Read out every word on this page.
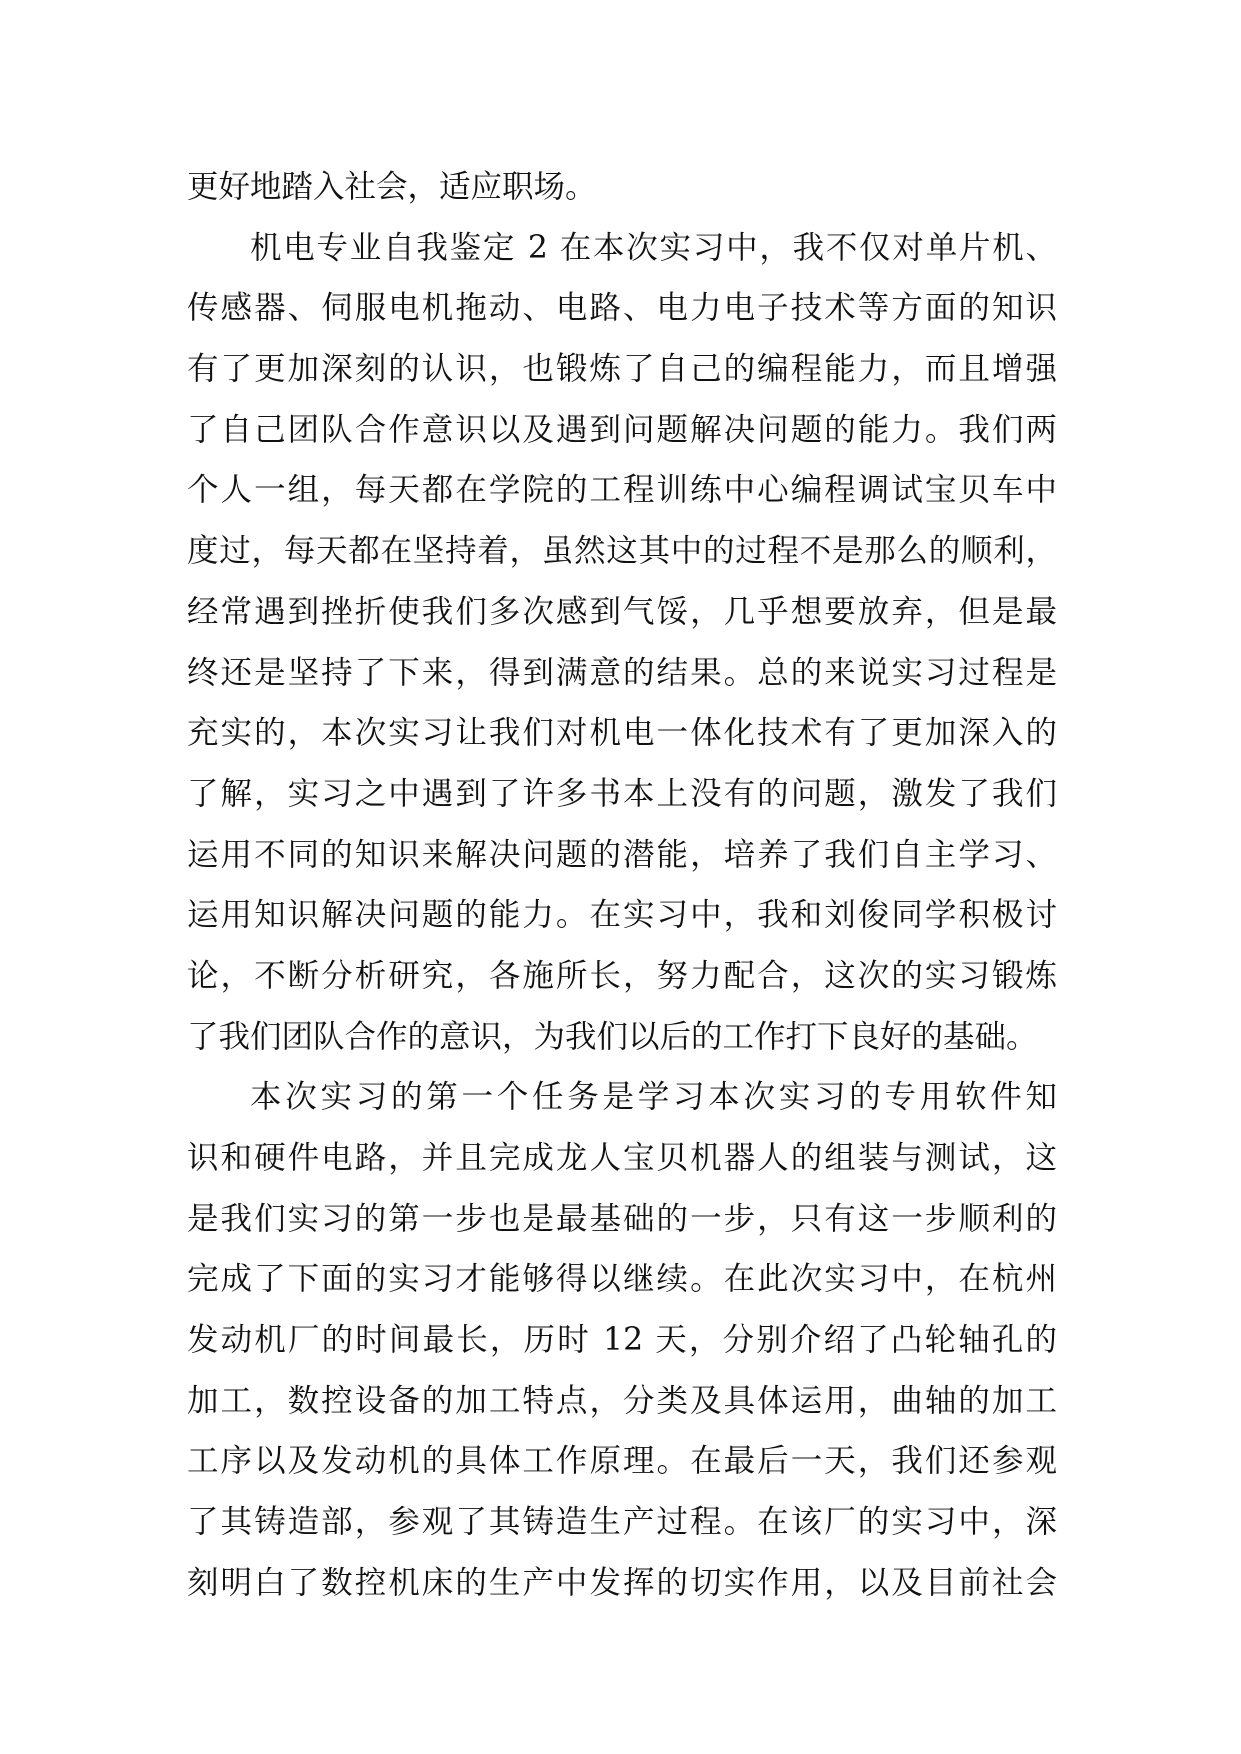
更好地踏入社会，适应职场。
机电专业自我鉴定 2 在本次实习中，我不仅对单片机、
传感器、伺服电机拖动、电路、电力电子技术等方面的知识
有了更加深刻的认识，也锻炼了自己的编程能力，而且增强
了自己团队合作意识以及遇到问题解决问题的能力。我们两
个人一组，每天都在学院的工程训练中心编程调试宝贝车中
度过，每天都在坚持着，虽然这其中的过程不是那么的顺利，
经常遇到挫折使我们多次感到气馁，几乎想要放弃，但是最
终还是坚持了下来，得到满意的结果。总的来说实习过程是
充实的，本次实习让我们对机电一体化技术有了更加深入的
了解，实习之中遇到了许多书本上没有的问题，激发了我们
运用不同的知识来解决问题的潜能，培养了我们自主学习、
运用知识解决问题的能力。在实习中，我和刘俊同学积极讨
论，不断分析研究，各施所长，努力配合，这次的实习锻炼
了我们团队合作的意识，为我们以后的工作打下良好的基础。
本次实习的第一个任务是学习本次实习的专用软件知
识和硬件电路，并且完成龙人宝贝机器人的组装与测试，这
是我们实习的第一步也是最基础的一步，只有这一步顺利的
完成了下面的实习才能够得以继续。在此次实习中，在杭州
发动机厂的时间最长，历时 12 天，分别介绍了凸轮轴孔的
加工，数控设备的加工特点，分类及具体运用，曲轴的加工
工序以及发动机的具体工作原理。在最后一天，我们还参观
了其铸造部，参观了其铸造生产过程。在该厂的实习中，深
刻明白了数控机床的生产中发挥的切实作用，以及目前社会
